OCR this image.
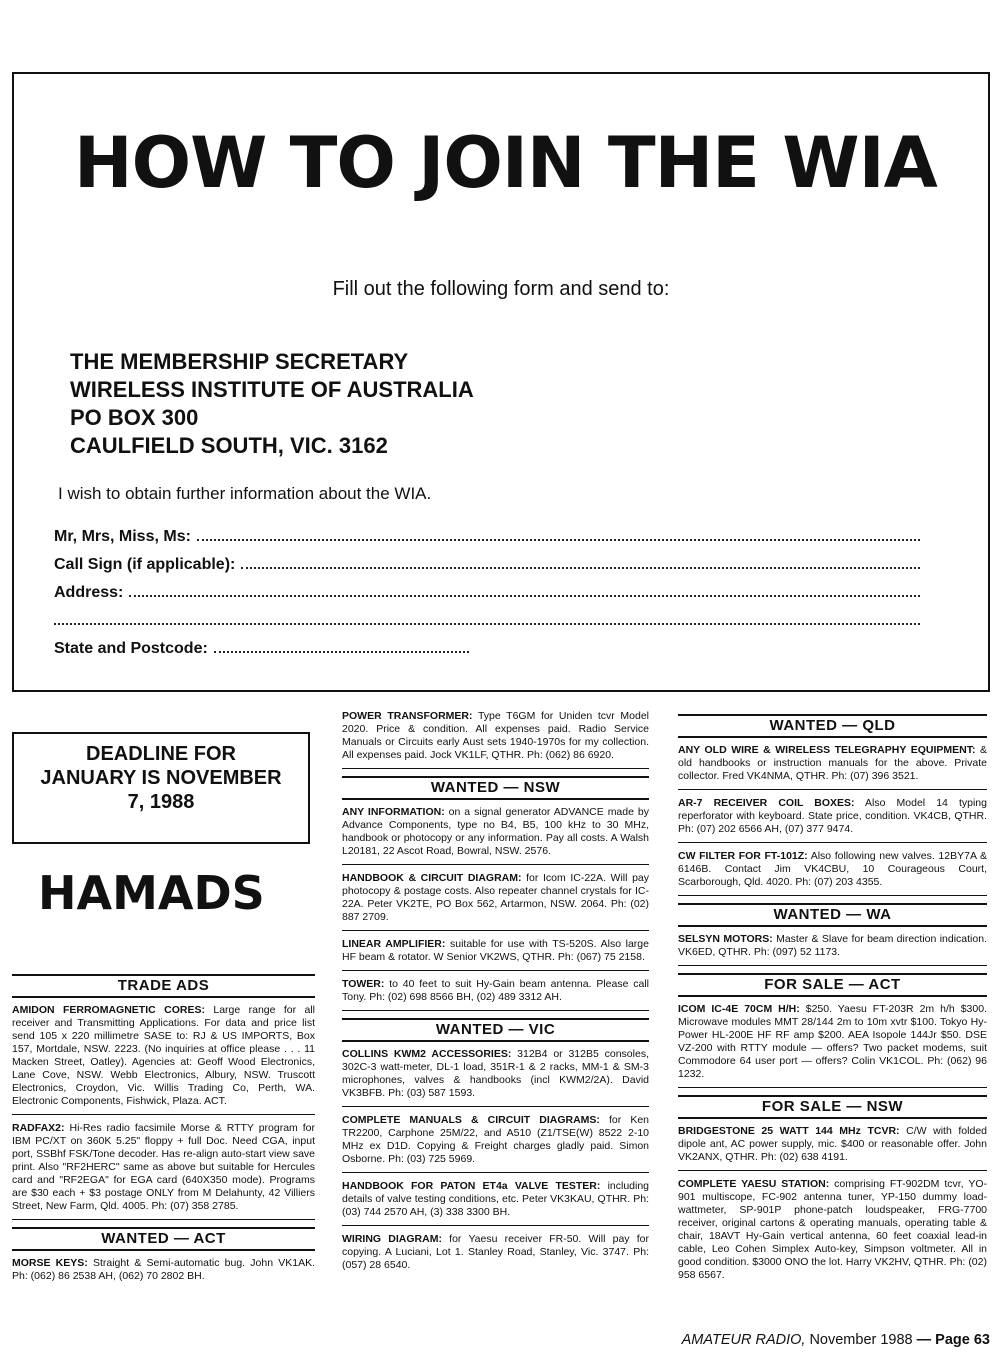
HOW TO JOIN THE WIA
Fill out the following form and send to:
THE MEMBERSHIP SECRETARY
WIRELESS INSTITUTE OF AUSTRALIA
PO BOX 300
CAULFIELD SOUTH, VIC. 3162
I wish to obtain further information about the WIA.
Mr, Mrs, Miss, Ms:
Call Sign (if applicable):
Address:
State and Postcode:
DEADLINE FOR
JANUARY IS NOVEMBER
7, 1988
HAMADS
TRADE ADS
AMIDON FERROMAGNETIC CORES: Large range for all receiver and Transmitting Applications. For data and price list send 105 x 220 millimetre SASE to: RJ & US IMPORTS, Box 157, Mortdale, NSW. 2223. (No inquiries at office please . . . 11 Macken Street, Oatley). Agencies at: Geoff Wood Electronics, Lane Cove, NSW. Webb Electronics, Albury, NSW. Truscott Electronics, Croydon, Vic. Willis Trading Co, Perth, WA. Electronic Components, Fishwick, Plaza. ACT.
RADFAX2: Hi-Res radio facsimile Morse & RTTY program for IBM PC/XT on 360K 5.25" floppy + full Doc. Need CGA, input port, SSBhf FSK/Tone decoder. Has re-align auto-start view save print. Also "RF2HERC" same as above but suitable for Hercules card and "RF2EGA" for EGA card (640X350 mode). Programs are $30 each + $3 postage ONLY from M Delahunty, 42 Villiers Street, New Farm, Qld. 4005. Ph: (07) 358 2785.
WANTED — ACT
MORSE KEYS: Straight & Semi-automatic bug. John VK1AK. Ph: (062) 86 2538 AH, (062) 70 2802 BH.
POWER TRANSFORMER: Type T6GM for Uniden tcvr Model 2020. Price & condition. All expenses paid. Radio Service Manuals or Circuits early Aust sets 1940-1970s for my collection. All expenses paid. Jock VK1LF, QTHR. Ph: (062) 86 6920.
WANTED — NSW
ANY INFORMATION: on a signal generator ADVANCE made by Advance Components, type no B4, B5, 100 kHz to 30 MHz, handbook or photocopy or any information. Pay all costs. A Walsh L20181, 22 Ascot Road, Bowral, NSW. 2576.
HANDBOOK & CIRCUIT DIAGRAM: for Icom IC-22A. Will pay photocopy & postage costs. Also repeater channel crystals for IC-22A. Peter VK2TE, PO Box 562, Artarmon, NSW. 2064. Ph: (02) 887 2709.
LINEAR AMPLIFIER: suitable for use with TS-520S. Also large HF beam & rotator. W Senior VK2WS, QTHR. Ph: (067) 75 2158.
TOWER: to 40 feet to suit Hy-Gain beam antenna. Please call Tony. Ph: (02) 698 8566 BH, (02) 489 3312 AH.
WANTED — VIC
COLLINS KWM2 ACCESSORIES: 312B4 or 312B5 consoles, 302C-3 watt-meter, DL-1 load, 351R-1 & 2 racks, MM-1 & SM-3 microphones, valves & handbooks (incl KWM2/2A). David VK3BFB. Ph: (03) 587 1593.
COMPLETE MANUALS & CIRCUIT DIAGRAMS: for Ken TR2200, Carphone 25M/22, and A510 (Z1/TSE(W) 8522 2-10 MHz ex D1D. Copying & Freight charges gladly paid. Simon Osborne. Ph: (03) 725 5969.
HANDBOOK FOR PATON ET4a VALVE TESTER: including details of valve testing conditions, etc. Peter VK3KAU, QTHR. Ph: (03) 744 2570 AH, (3) 338 3300 BH.
WIRING DIAGRAM: for Yaesu receiver FR-50. Will pay for copying. A Luciani, Lot 1. Stanley Road, Stanley, Vic. 3747. Ph: (057) 28 6540.
WANTED — QLD
ANY OLD WIRE & WIRELESS TELEGRAPHY EQUIPMENT: & old handbooks or instruction manuals for the above. Private collector. Fred VK4NMA, QTHR. Ph: (07) 396 3521.
AR-7 RECEIVER COIL BOXES: Also Model 14 typing reperforator with keyboard. State price, condition. VK4CB, QTHR. Ph: (07) 202 6566 AH, (07) 377 9474.
CW FILTER FOR FT-101Z: Also following new valves. 12BY7A & 6146B. Contact Jim VK4CBU, 10 Courageous Court, Scarborough, Qld. 4020. Ph: (07) 203 4355.
WANTED — WA
SELSYN MOTORS: Master & Slave for beam direction indication. VK6ED, QTHR. Ph: (097) 52 1173.
FOR SALE — ACT
ICOM IC-4E 70CM H/H: $250. Yaesu FT-203R 2m h/h $300. Microwave modules MMT 28/144 2m to 10m xvtr $100. Tokyo Hy-Power HL-200E HF RF amp $200. AEA Isopole 144Jr $50. DSE VZ-200 with RTTY module — offers? Two packet modems, suit Commodore 64 user port — offers? Colin VK1COL. Ph: (062) 96 1232.
FOR SALE — NSW
BRIDGESTONE 25 WATT 144 MHz TCVR: C/W with folded dipole ant, AC power supply, mic. $400 or reasonable offer. John VK2ANX, QTHR. Ph: (02) 638 4191.
COMPLETE YAESU STATION: comprising FT-902DM tcvr, YO-901 multiscope, FC-902 antenna tuner, YP-150 dummy load-wattmeter, SP-901P phone-patch loudspeaker, FRG-7700 receiver, original cartons & operating manuals, operating table & chair, 18AVT Hy-Gain vertical antenna, 60 feet coaxial lead-in cable, Leo Cohen Simplex Auto-key, Simpson voltmeter. All in good condition. $3000 ONO the lot. Harry VK2HV, QTHR. Ph: (02) 958 6567.
AMATEUR RADIO, November 1988 — Page 63
